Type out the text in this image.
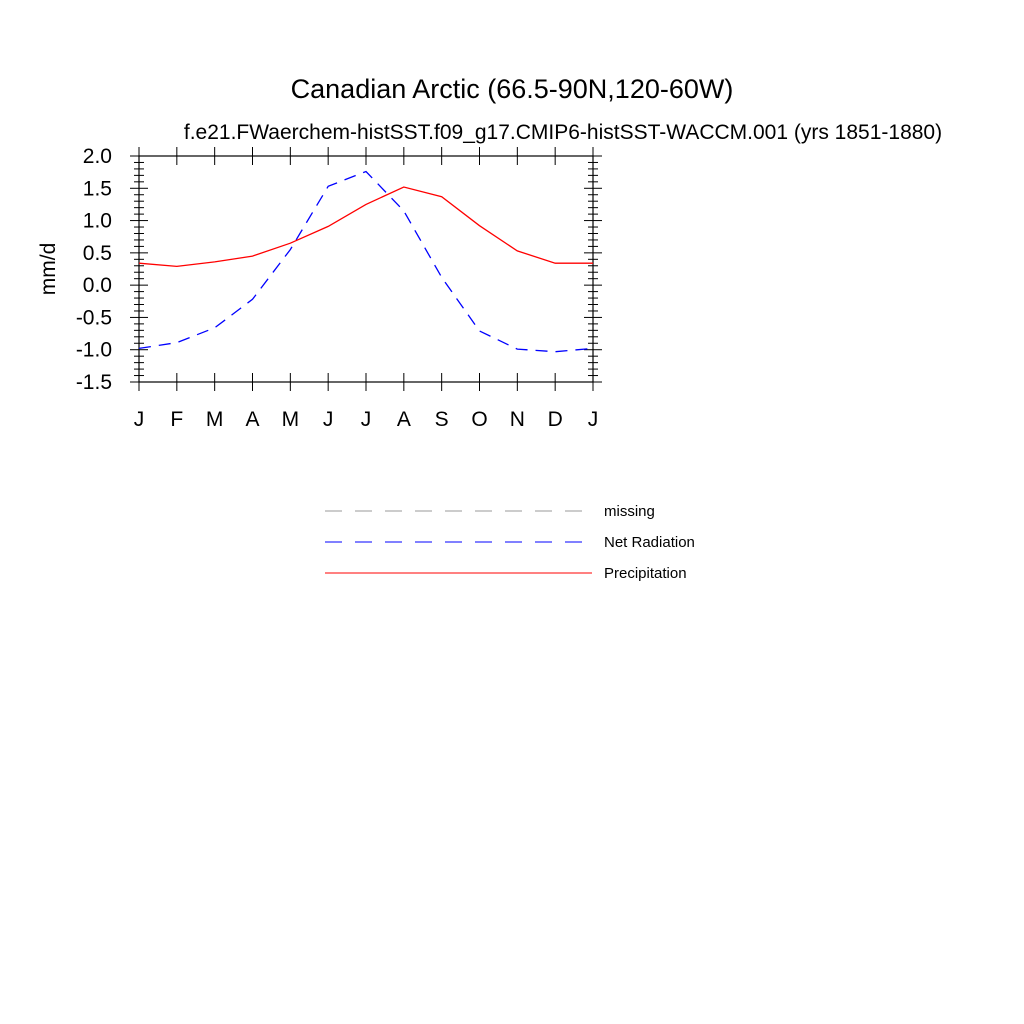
Canadian Arctic (66.5-90N,120-60W)
f.e21.FWaerchem-histSST.f09_g17.CMIP6-histSST-WACCM.001 (yrs 1851-1880)
mm/d
-1.5
-1.0
-0.5
0.0
0.5
1.0
1.5
2.0
J F M A M J J A S O N D J
missing
Net Radiation
Precipitation
